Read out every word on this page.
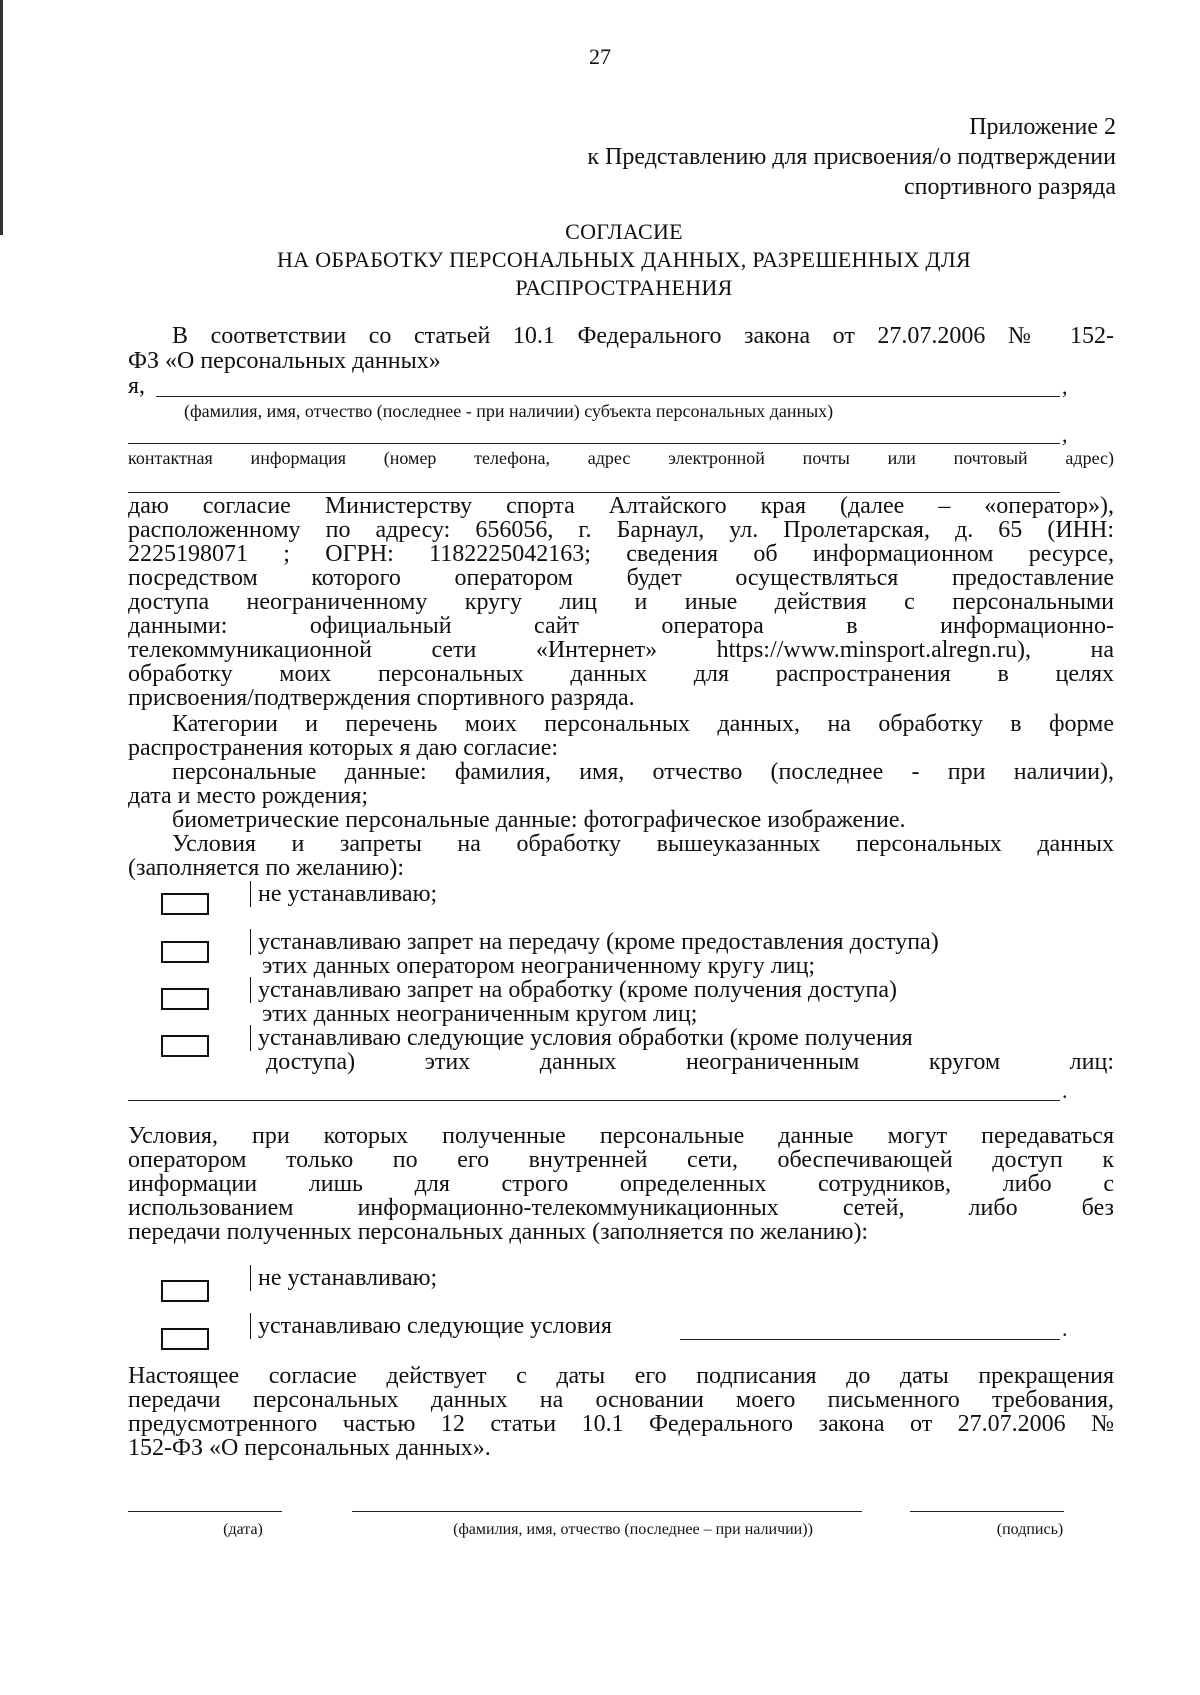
27
Приложение 2
к Представлению для присвоения/о подтверждении
спортивного разряда
СОГЛАСИЕ
НА ОБРАБОТКУ ПЕРСОНАЛЬНЫХ ДАННЫХ, РАЗРЕШЕННЫХ ДЛЯ
РАСПРОСТРАНЕНИЯ
В соответствии со статьей 10.1 Федерального закона от 27.07.2006 № 152-
ФЗ «О персональных данных»
я,	,
(фамилия, имя, отчество (последнее - при наличии) субъекта персональных данных)
,
контактная информация (номер телефона, адрес электронной почты или почтовый адрес)
даю согласие Министерству спорта Алтайского края (далее – «оператор»),
расположенному по адресу: 656056, г. Барнаул, ул. Пролетарская, д. 65 (ИНН:
2225198071 ; ОГРН: 1182225042163; сведения об информационном ресурсе,
посредством которого оператором будет осуществляться предоставление
доступа неограниченному кругу лиц и иные действия с персональными
данными: официальный сайт оператора в информационно-
телекоммуникационной сети «Интернет» https://www.minsport.alregn.ru), на
обработку моих персональных данных для распространения в целях
присвоения/подтверждения спортивного разряда.
Категории и перечень моих персональных данных, на обработку в форме
распространения которых я даю согласие:
персональные данные: фамилия, имя, отчество (последнее - при наличии),
дата и место рождения;
биометрические персональные данные: фотографическое изображение.
Условия и запреты на обработку вышеуказанных персональных данных
(заполняется по желанию):
не устанавливаю;
устанавливаю запрет на передачу (кроме предоставления доступа)
этих данных оператором неограниченному кругу лиц;
устанавливаю запрет на обработку (кроме получения доступа)
этих данных неограниченным кругом лиц;
устанавливаю следующие условия обработки (кроме получения
доступа) этих данных неограниченным кругом лиц:
.
Условия, при которых полученные персональные данные могут передаваться
оператором только по его внутренней сети, обеспечивающей доступ к
информации лишь для строго определенных сотрудников, либо с
использованием информационно-телекоммуникационных сетей, либо без
передачи полученных персональных данных (заполняется по желанию):
не устанавливаю;
устанавливаю следующие условия	.
Настоящее согласие действует с даты его подписания до даты прекращения
передачи персональных данных на основании моего письменного требования,
предусмотренного частью 12 статьи 10.1 Федерального закона от 27.07.2006 №
152-ФЗ «О персональных данных».
(дата)	(фамилия, имя, отчество (последнее – при наличии))	(подпись)
